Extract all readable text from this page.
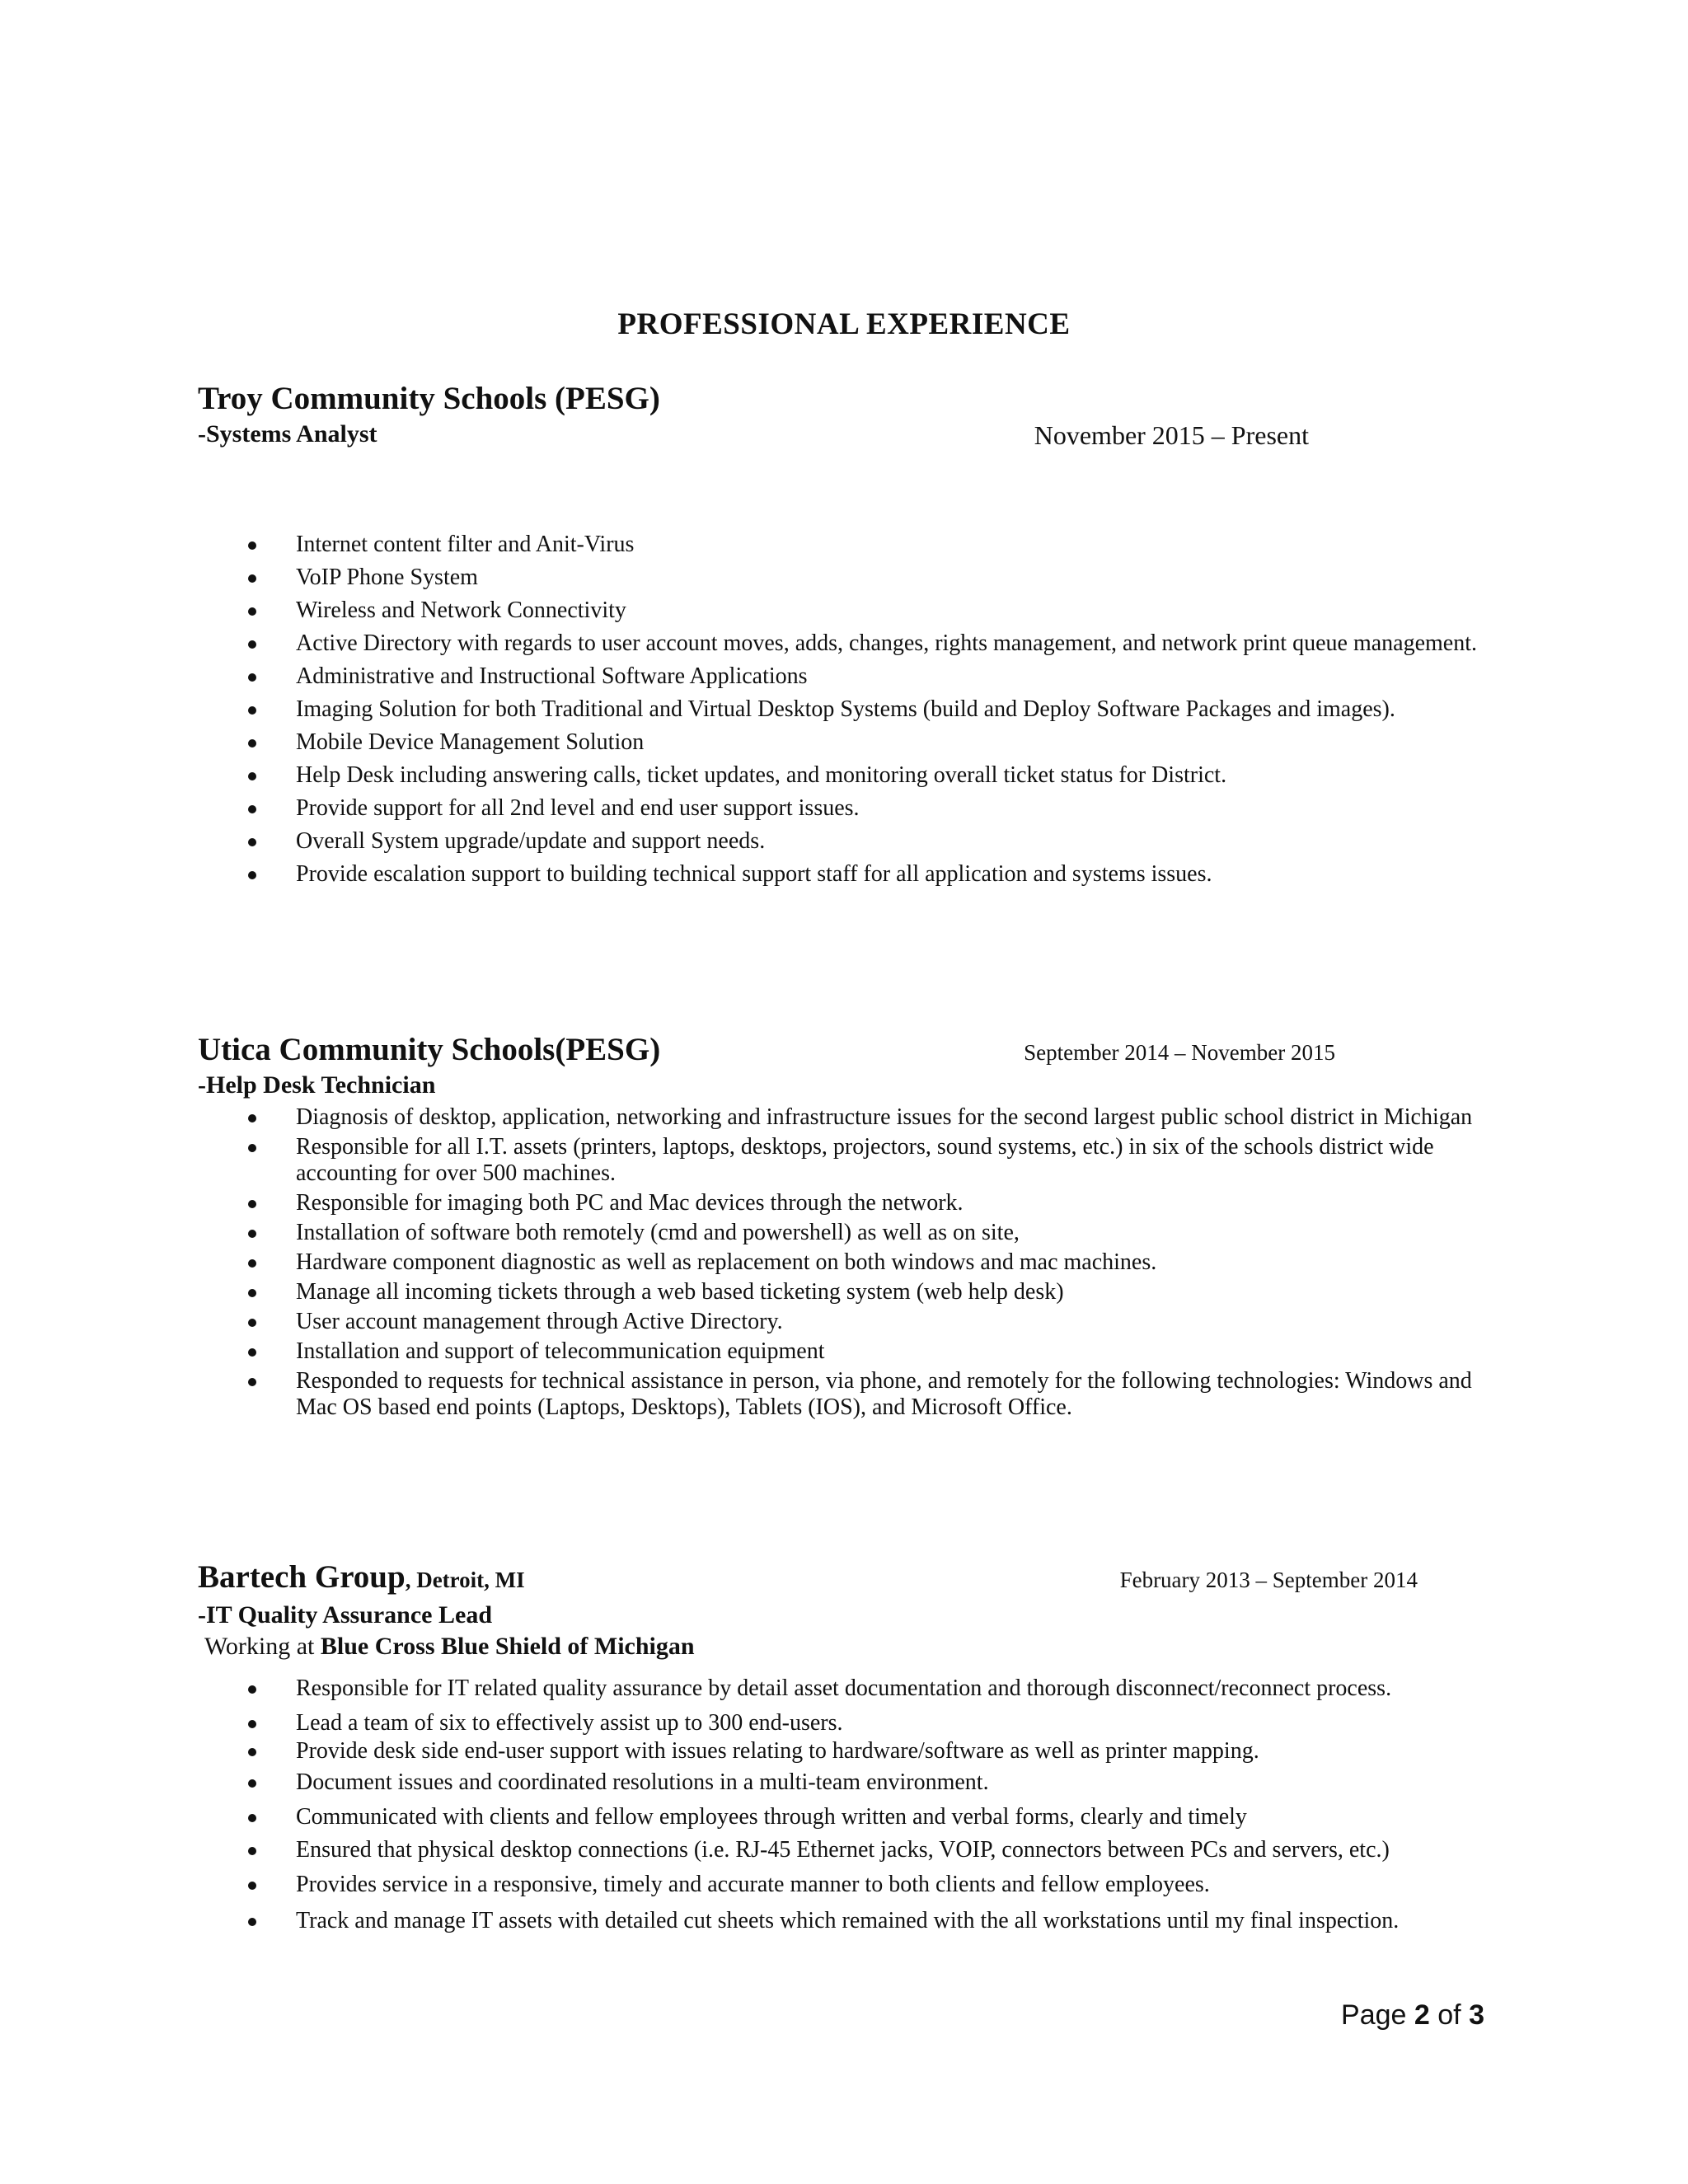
PROFESSIONAL EXPERIENCE
Troy Community Schools (PESG)
-Systems Analyst	November 2015 – Present
Internet content filter and Anit-Virus
VoIP Phone System
Wireless and Network Connectivity
Active Directory with regards to user account moves, adds, changes, rights management, and network print queue management.
Administrative and Instructional Software Applications
Imaging Solution for both Traditional and Virtual Desktop Systems (build and Deploy Software Packages and images).
Mobile Device Management Solution
Help Desk including answering calls, ticket updates, and monitoring overall ticket status for District.
Provide support for all 2nd level and end user support issues.
Overall System upgrade/update and support needs.
Provide escalation support to building technical support staff for all application and systems issues.
Utica Community Schools(PESG)
-Help Desk Technician
September 2014 – November 2015
Diagnosis of desktop, application, networking and infrastructure issues for the second largest public school district in Michigan
Responsible for all I.T. assets (printers, laptops, desktops, projectors, sound systems, etc.) in six of the schools district wide accounting for over 500 machines.
Responsible for imaging both PC and Mac devices through the network.
Installation of software both remotely (cmd and powershell) as well as on site,
Hardware component diagnostic as well as replacement on both windows and mac machines.
Manage all incoming tickets through a web based ticketing system (web help desk)
User account management through Active Directory.
Installation and support of telecommunication equipment
Responded to requests for technical assistance in person, via phone, and remotely for the following technologies: Windows and Mac OS based end points (Laptops, Desktops), Tablets (IOS), and Microsoft Office.
Bartech Group, Detroit, MI
-IT Quality Assurance Lead
Working at Blue Cross Blue Shield of Michigan
February 2013 – September 2014
Responsible for IT related quality assurance by detail asset documentation and thorough disconnect/reconnect process.
Lead a team of six to effectively assist up to 300 end-users.
Provide desk side end-user support with issues relating to hardware/software as well as printer mapping.
Document issues and coordinated resolutions in a multi-team environment.
Communicated with clients and fellow employees through written and verbal forms, clearly and timely
Ensured that physical desktop connections (i.e. RJ-45 Ethernet jacks, VOIP, connectors between PCs and servers, etc.)
Provides service in a responsive, timely and accurate manner to both clients and fellow employees.
Track and manage IT assets with detailed cut sheets which remained with the all workstations until my final inspection.
Page 2 of 3
